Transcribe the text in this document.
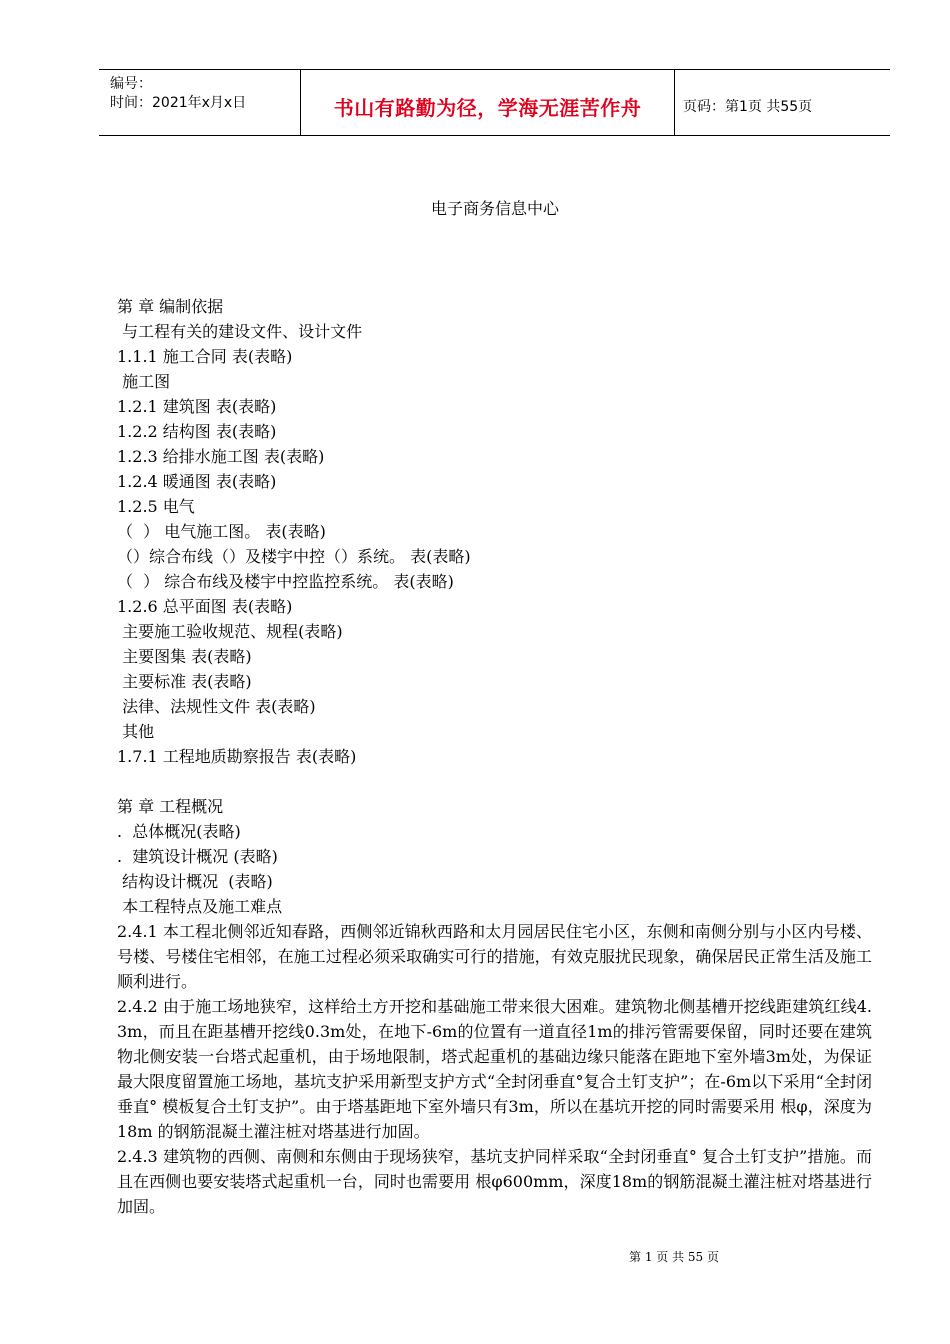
编号：
时间：2021年x月x日	书山有路勤为径，学海无涯苦作舟	页码：第1页 共55页
电子商务信息中心
第 章 编制依据
与工程有关的建设文件、设计文件
1.1.1 施工合同 表(表略)
施工图
1.2.1 建筑图 表(表略)
1.2.2 结构图 表(表略)
1.2.3 给排水施工图 表(表略)
1.2.4 暖通图 表(表略)
1.2.5 电气
（  ） 电气施工图。 表(表略)
（）综合布线（）及楼宇中控（）系统。 表(表略)
（  ） 综合布线及楼宇中控监控系统。 表(表略)
1.2.6 总平面图 表(表略)
主要施工验收规范、规程(表略)
主要图集 表(表略)
主要标准 表(表略)
法律、法规性文件 表(表略)
其他
1.7.1 工程地质勘察报告 表(表略)
第 章 工程概况
.  总体概况(表略)
.  建筑设计概况 (表略)
结构设计概况  (表略)
本工程特点及施工难点
2.4.1 本工程北侧邻近知春路，西侧邻近锦秋西路和太月园居民住宅小区，东侧和南侧分别与小区内号楼、号楼、号楼住宅相邻，在施工过程必须采取确实可行的措施，有效克服扰民现象，确保居民正常生活及施工顺利进行。
2.4.2 由于施工场地狭窄，这样给土方开挖和基础施工带来很大困难。建筑物北侧基槽开挖线距建筑红线4.3m，而且在距基槽开挖线0.3m处，在地下-6m的位置有一道直径1m的排污管需要保留，同时还要在建筑物北侧安装一台塔式起重机，由于场地限制，塔式起重机的基础边缘只能落在距地下室外墙3m处，为保证最大限度留置施工场地，基坑支护采用新型支护方式“全封闭垂直°复合土钉支护”；在-6m以下采用“全封闭垂直° 模板复合土钉支护”。由于塔基距地下室外墙只有3m，所以在基坑开挖的同时需要采用 根φ，深度为18m 的钢筋混凝土灌注桩对塔基进行加固。
2.4.3 建筑物的西侧、南侧和东侧由于现场狭窄，基坑支护同样采取“全封闭垂直° 复合土钉支护”措施。而且在西侧也要安装塔式起重机一台，同时也需要用 根φ600mm，深度18m的钢筋混凝土灌注桩对塔基进行加固。
第 1 页 共 55 页
